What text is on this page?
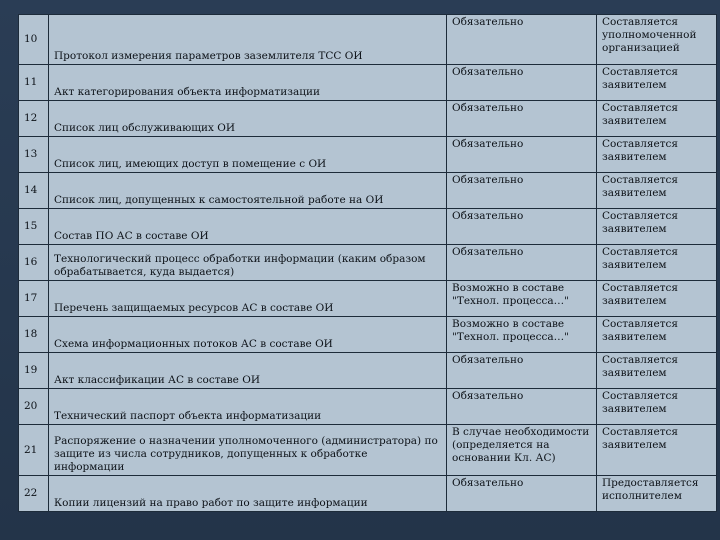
10	Протокол измерения параметров заземлителя ТСС ОИ	Обязательно	Составляется уполномоченной организацией
11	Акт категорирования объекта информатизации	Обязательно	Составляется заявителем
12	Список лиц обслуживающих ОИ	Обязательно	Составляется заявителем
13	Список лиц, имеющих доступ в помещение с ОИ	Обязательно	Составляется заявителем
14	Список лиц, допущенных к самостоятельной работе на ОИ	Обязательно	Составляется заявителем
15	Состав ПО АС в составе ОИ	Обязательно	Составляется заявителем
16	Технологический процесс обработки информации (каким образом обрабатывается, куда выдается)	Обязательно	Составляется заявителем
17	Перечень защищаемых ресурсов АС в составе ОИ	Возможно в составе "Технол. процесса…"	Составляется заявителем
18	Схема информационных потоков АС в составе ОИ	Возможно в составе "Технол. процесса…"	Составляется заявителем
19	Акт классификации АС в составе ОИ	Обязательно	Составляется заявителем
20	Технический паспорт объекта информатизации	Обязательно	Составляется заявителем
21	Распоряжение о назначении уполномоченного (администратора) по защите из числа сотрудников, допущенных к обработке информации	В случае необходимости (определяется на основании Кл. АС)	Составляется заявителем
22	Копии лицензий на право работ по защите информации	Обязательно	Предоставляется исполнителем
